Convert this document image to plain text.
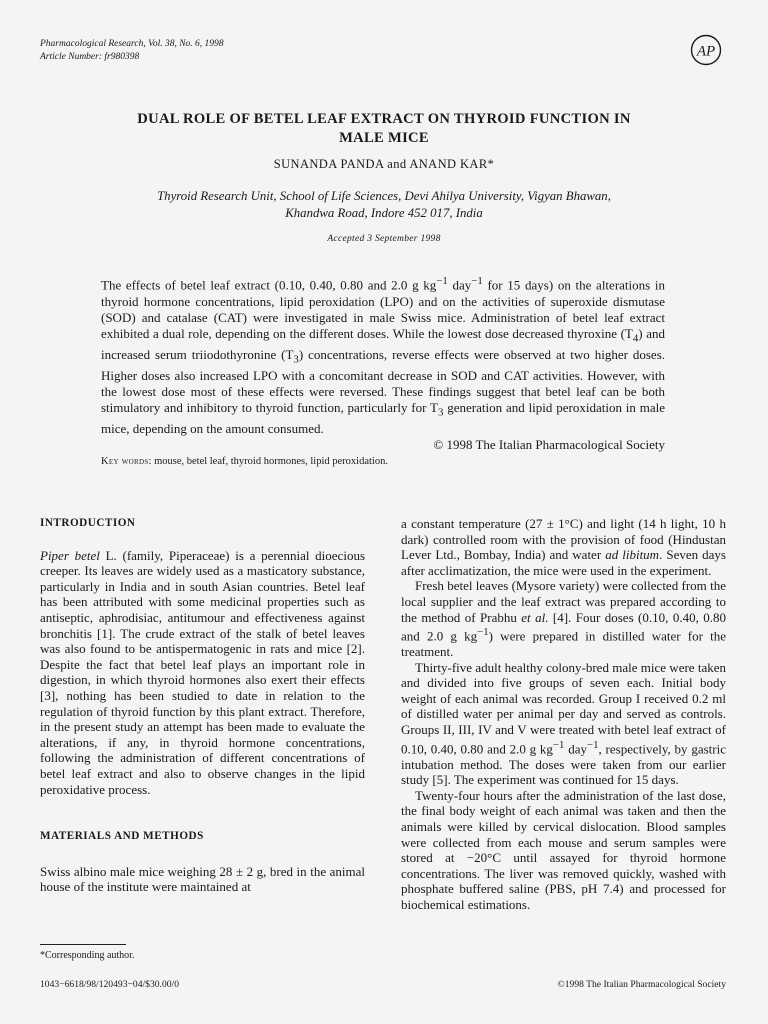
Pharmacological Research, Vol. 38, No. 6, 1998
Article Number: fr980398	AP
DUAL ROLE OF BETEL LEAF EXTRACT ON THYROID FUNCTION IN
MALE MICE
SUNANDA PANDA and ANAND KAR*
Thyroid Research Unit, School of Life Sciences, Devi Ahilya University, Vigyan Bhawan,
Khandwa Road, Indore 452 017, India
Accepted 3 September 1998

The effects of betel leaf extract (0.10, 0.40, 0.80 and 2.0 g $kg^{-1}$ day$^{-1}$ for 15 days) on the alterations in thyroid hormone concentrations, lipid peroxidation (LPO) and on the activities of superoxide dismutase (SOD) and catalase (CAT) were investigated in male Swiss mice. Administration of betel leaf extract exhibited a dual role, depending on the different doses. While the lowest dose decreased thyroxine $(T_4)$ and increased serum triiodothyronine $(T_3)$ concentrations, reverse effects were observed at two higher doses. Higher doses also increased LPO with a concomitant decrease in SOD and CAT activities. However, with the lowest dose most of these effects were reversed. These findings suggest that betel leaf can be both stimulatory and inhibitory to thyroid function, particularly for $T_3$ generation and lipid peroxidation in male mice, depending on the amount consumed.

© 1998 The Italian Pharmacological Society
Key words: mouse, betel leaf, thyroid hormones, lipid peroxidation.
INTRODUCTION

Piper betel L. (family, Piperaceae) is a perennial dioecious creeper. Its leaves are widely used as a masticatory substance, particularly in India and in south Asian countries. Betel leaf has been attributed with some medicinal properties such as antiseptic, aphrodisiac, antitumour and effectiveness against bronchitis [1]. The crude extract of the stalk of betel leaves was also found to be antispermatogenic in rats and mice [2]. Despite the fact that betel leaf plays an important role in digestion, in which thyroid hormones also exert their effects [3], nothing has been studied to date in relation to the regulation of thyroid function by this plant extract. Therefore, in the present study an attempt has been made to evaluate the alterations, if any, in thyroid hormone concentrations, following the administration of different concentrations of betel leaf extract and also to observe changes in the lipid peroxidative process.

MATERIALS AND METHODS

Swiss albino male mice weighing 28 ± 2 g, bred in the animal house of the institute were maintained at

a constant temperature (27 ± 1°C) and light (14 h light, 10 h dark) controlled room with the provision of food (Hindustan Lever Ltd., Bombay, India) and water ad libitum. Seven days after acclimatization, the mice were used in the experiment.

Fresh betel leaves (Mysore variety) were collected from the local supplier and the leaf extract was prepared according to the method of Prabhu et al. [4]. Four doses (0.10, 0.40, 0.80 and 2.0 g $kg^{-1}$) were prepared in distilled water for the treatment.

Thirty-five adult healthy colony-bred male mice were taken and divided into five groups of seven each. Initial body weight of each animal was recorded. Group I received 0.2 ml of distilled water per animal per day and served as controls. Groups II, III, IV and V were treated with betel leaf extract of 0.10, 0.40, 0.80 and 2.0 g $kg^{-1}$ day$^{-1}$, respectively, by gastric intubation method. The doses were taken from our earlier study [5]. The experiment was continued for 15 days.

Twenty-four hours after the administration of the last dose, the final body weight of each animal was taken and then the animals were killed by cervical dislocation. Blood samples were collected from each mouse and serum samples were stored at −20°C until assayed for thyroid hormone concentrations. The liver was removed quickly, washed with phosphate buffered saline (PBS, pH 7.4) and processed for biochemical estimations.

*Corresponding author.
1043−6618/98/120493−04/$30.00/0	©1998 The Italian Pharmacological Society
